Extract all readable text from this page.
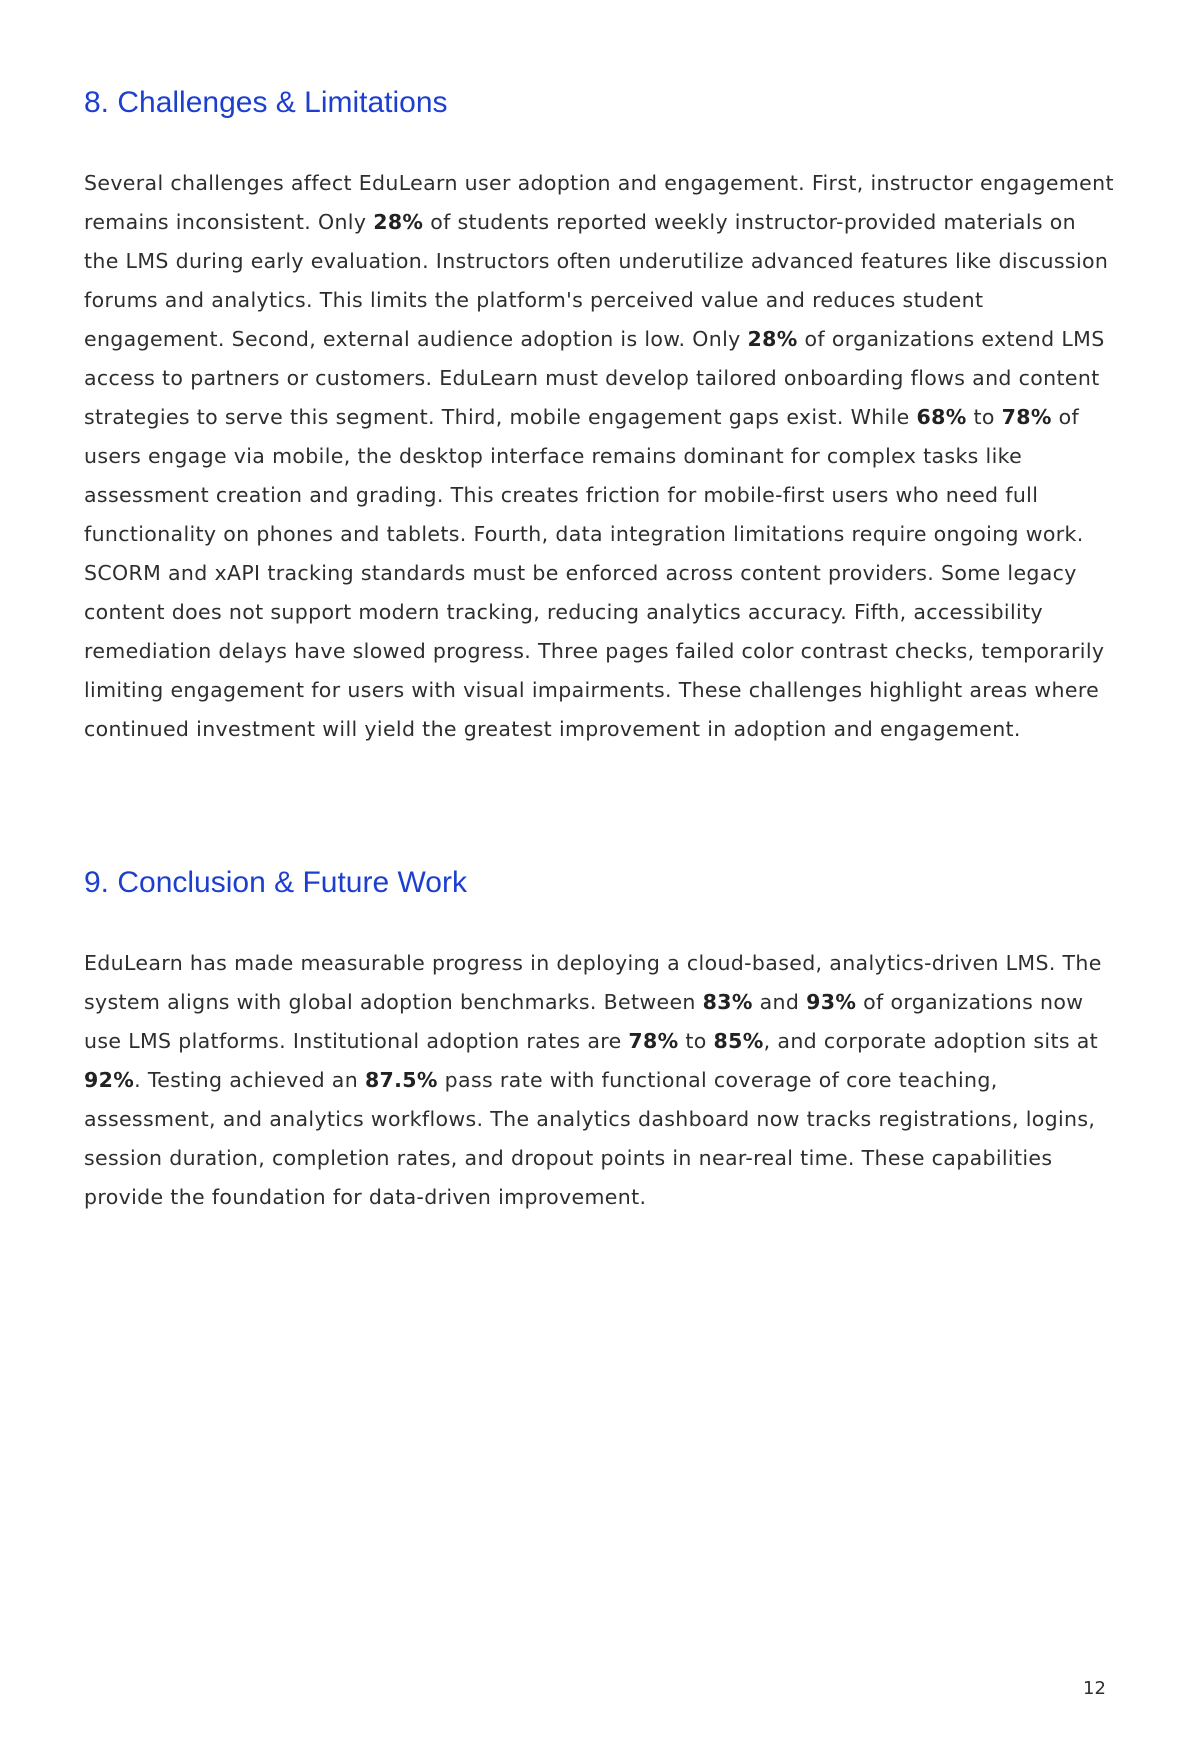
8. Challenges & Limitations

Several challenges affect EduLearn user adoption and engagement. First, instructor engagement remains inconsistent. Only 28% of students reported weekly instructor-provided materials on the LMS during early evaluation. Instructors often underutilize advanced features like discussion forums and analytics. This limits the platform's perceived value and reduces student engagement. Second, external audience adoption is low. Only 28% of organizations extend LMS access to partners or customers. EduLearn must develop tailored onboarding flows and content strategies to serve this segment. Third, mobile engagement gaps exist. While 68% to 78% of users engage via mobile, the desktop interface remains dominant for complex tasks like assessment creation and grading. This creates friction for mobile-first users who need full functionality on phones and tablets. Fourth, data integration limitations require ongoing work. SCORM and xAPI tracking standards must be enforced across content providers. Some legacy content does not support modern tracking, reducing analytics accuracy. Fifth, accessibility remediation delays have slowed progress. Three pages failed color contrast checks, temporarily limiting engagement for users with visual impairments. These challenges highlight areas where continued investment will yield the greatest improvement in adoption and engagement.

9. Conclusion & Future Work

EduLearn has made measurable progress in deploying a cloud-based, analytics-driven LMS. The system aligns with global adoption benchmarks. Between 83% and 93% of organizations now use LMS platforms. Institutional adoption rates are 78% to 85%, and corporate adoption sits at 92%. Testing achieved an 87.5% pass rate with functional coverage of core teaching, assessment, and analytics workflows. The analytics dashboard now tracks registrations, logins, session duration, completion rates, and dropout points in near-real time. These capabilities provide the foundation for data-driven improvement.

12
